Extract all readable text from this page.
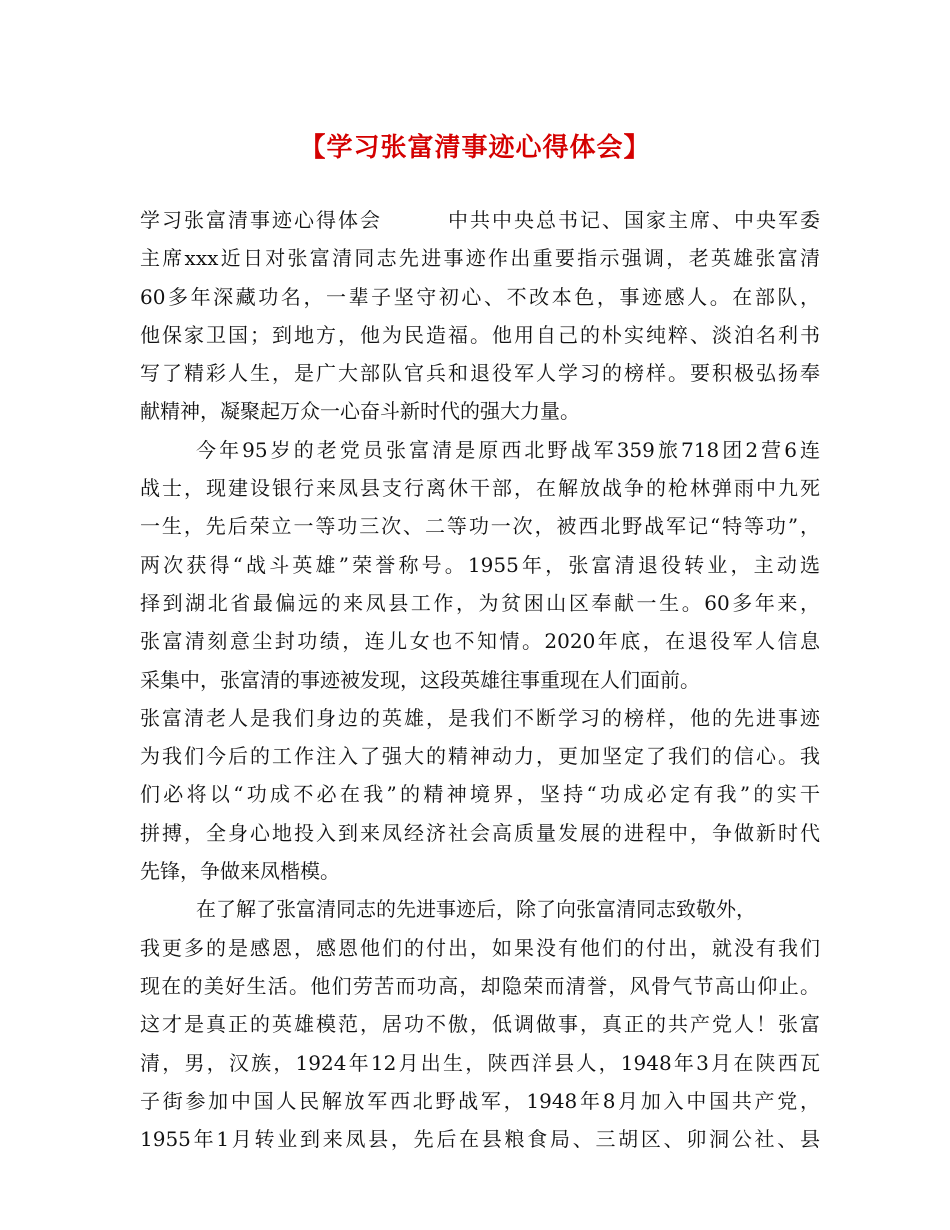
【学习张富清事迹心得体会】
学习张富清事迹心得体会　　　中共中央总书记、国家主席、中央军委
主席xxx近日对张富清同志先进事迹作出重要指示强调，老英雄张富清
60多年深藏功名，一辈子坚守初心、不改本色，事迹感人。在部队，
他保家卫国；到地方，他为民造福。他用自己的朴实纯粹、淡泊名利书
写了精彩人生，是广大部队官兵和退役军人学习的榜样。要积极弘扬奉
献精神，凝聚起万众一心奋斗新时代的强大力量。
今年95岁的老党员张富清是原西北野战军359旅718团2营6连
战士，现建设银行来凤县支行离休干部，在解放战争的枪林弹雨中九死
一生，先后荣立一等功三次、二等功一次，被西北野战军记“特等功”，
两次获得“战斗英雄”荣誉称号。1955年，张富清退役转业，主动选
择到湖北省最偏远的来凤县工作，为贫困山区奉献一生。60多年来，
张富清刻意尘封功绩，连儿女也不知情。2020年底，在退役军人信息
采集中，张富清的事迹被发现，这段英雄往事重现在人们面前。
张富清老人是我们身边的英雄，是我们不断学习的榜样，他的先进事迹
为我们今后的工作注入了强大的精神动力，更加坚定了我们的信心。我
们必将以“功成不必在我”的精神境界，坚持“功成必定有我”的实干
拼搏，全身心地投入到来凤经济社会高质量发展的进程中，争做新时代
先锋，争做来凤楷模。
在了解了张富清同志的先进事迹后，除了向张富清同志致敬外，
我更多的是感恩，感恩他们的付出，如果没有他们的付出，就没有我们
现在的美好生活。他们劳苦而功高，却隐荣而清誉，风骨气节高山仰止。
这才是真正的英雄模范，居功不傲，低调做事，真正的共产党人！张富
清，男，汉族，1924年12月出生，陕西洋县人，1948年3月在陕西瓦
子街参加中国人民解放军西北野战军，1948年8月加入中国共产党，
1955年1月转业到来凤县，先后在县粮食局、三胡区、卯洞公社、县
